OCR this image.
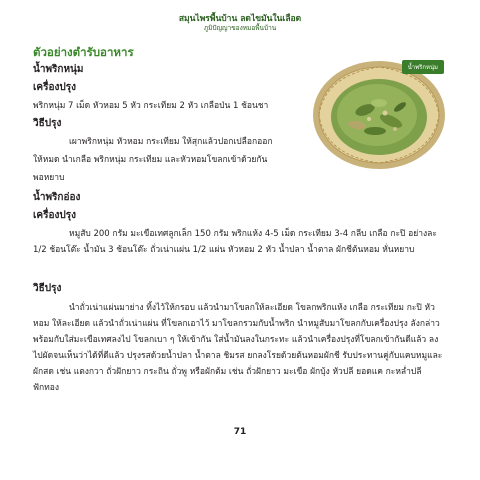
สมุนไพรพื้นบ้าน ลดไขมันในเลือด
ภูมิปัญญาของหมอพื้นบ้าน
ตัวอย่างตำรับอาหาร
น้ำพริกหนุ่ม
น้ำพริกหนุ่ม
เครื่องปรุง
พริกหนุ่ม 7 เม็ด หัวหอม 5 หัว กระเทียม 2 หัว เกลือป่น 1 ช้อนชา
วิธีปรุง
เผาพริกหนุ่ม หัวหอม กระเทียม ให้สุกแล้วปอกเปลือกออก
ให้หมด นำเกลือ พริกหนุ่ม กระเทียม และหัวหอมโขลกเข้าด้วยกัน
พอหยาบ
น้ำพริกอ่อง
เครื่องปรุง
หมูสับ 200 กรัม มะเขือเทศลูกเล็ก 150 กรัม พริกแห้ง 4-5 เม็ด กระเทียม 3-4 กลีบ เกลือ กะปิ อย่างละ 1/2 ช้อนโต๊ะ น้ำมัน 3 ช้อนโต๊ะ ถั่วเน่าแผ่น 1/2 แผ่น หัวหอม 2 หัว น้ำปลา น้ำตาล ผักชีต้นหอม หั่นหยาบ
วิธีปรุง
นำถั่วเน่าแผ่นมาย่าง ทิ้งไว้ให้กรอบ แล้วนำมาโขลกให้ละเอียด โขลกพริกแห้ง เกลือ กระเทียม กะปิ หัวหอม ให้ละเอียด แล้วนำถั่วเน่าแผ่น ที่โขลกเอาไว้ มาโขลกรวมกับน้ำพริก นำหมูสับมาโขลกกับเครื่องปรุง ลังกล่าวพร้อมกับใส่มะเขือเทศลงไป โขลกเบา ๆ ให้เข้ากัน ใส่น้ำมันลงในกระทะ แล้วนำเครื่องปรุงที่โขลกเข้ากันดีแล้ว ลงไปผัดจนเห็นว่าได้ที่ดีแล้ว ปรุงรสด้วยน้ำปลา น้ำตาล ชิมรส ยกลงโรยด้วยต้นหอมผักชี รับประทานคู่กับแคบหมูและผักสด เช่น แตงกวา ถั่วฝักยาว กระถิน ถั่วพู หรือผักต้ม เช่น ถั่วฝักยาว มะเขือ ผักบุ้ง หัวปลี ยอดแค กะหล่ำปลี ฟักทอง
71
